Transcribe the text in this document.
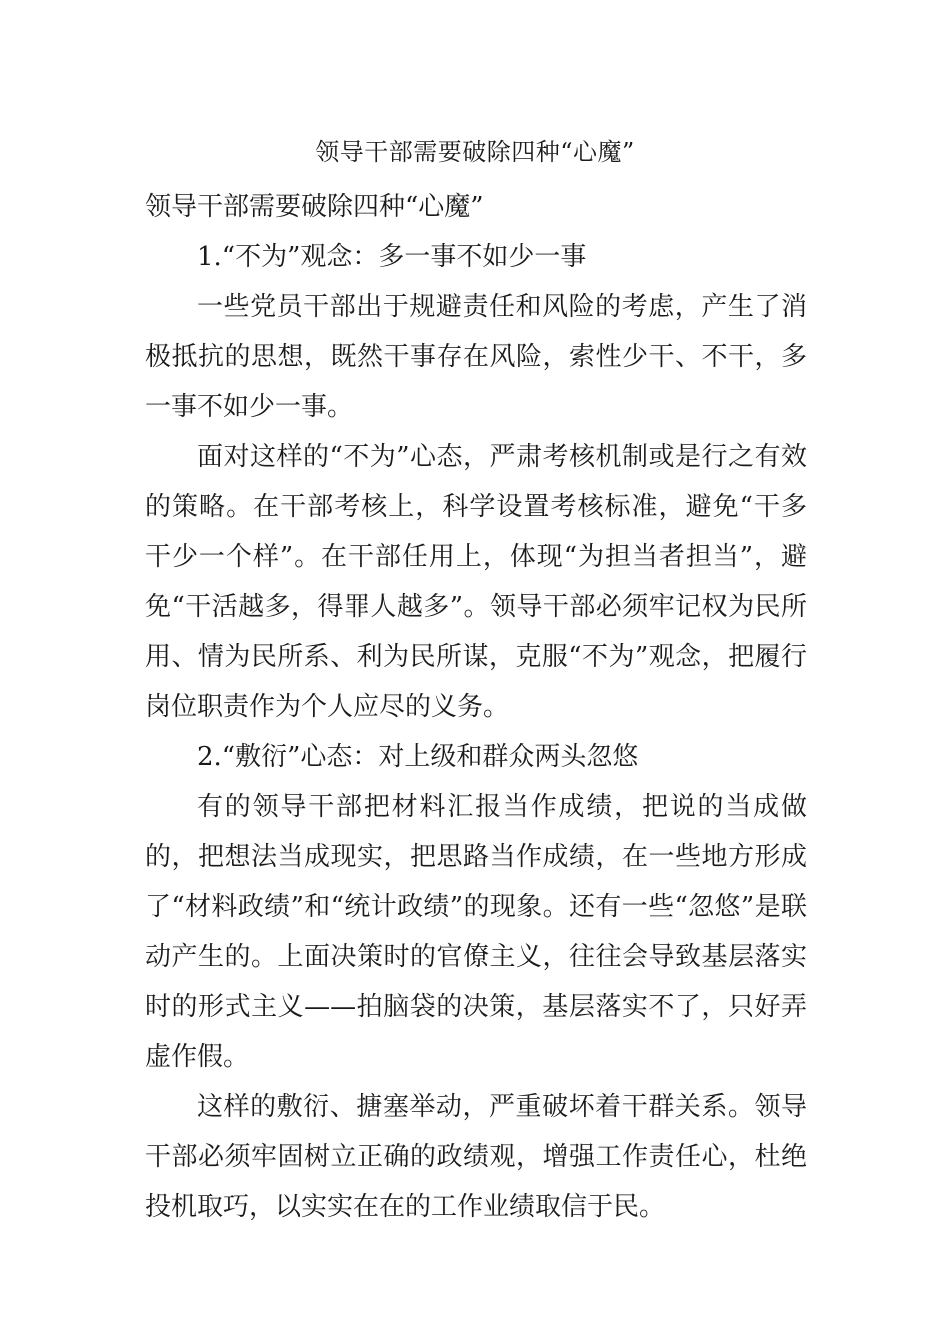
领导干部需要破除四种“心魔”

领导干部需要破除四种“心魔”

1.“不为”观念：多一事不如少一事

一些党员干部出于规避责任和风险的考虑，产生了消极抵抗的思想，既然干事存在风险，索性少干、不干，多一事不如少一事。

面对这样的“不为”心态，严肃考核机制或是行之有效的策略。在干部考核上，科学设置考核标准，避免“干多干少一个样”。在干部任用上，体现“为担当者担当”，避免“干活越多，得罪人越多”。领导干部必须牢记权为民所用、情为民所系、利为民所谋，克服“不为”观念，把履行岗位职责作为个人应尽的义务。

2.“敷衍”心态：对上级和群众两头忽悠

有的领导干部把材料汇报当作成绩，把说的当成做的，把想法当成现实，把思路当作成绩，在一些地方形成了“材料政绩”和“统计政绩”的现象。还有一些“忽悠”是联动产生的。上面决策时的官僚主义，往往会导致基层落实时的形式主义——拍脑袋的决策，基层落实不了，只好弄虚作假。

这样的敷衍、搪塞举动，严重破坏着干群关系。领导干部必须牢固树立正确的政绩观，增强工作责任心，杜绝投机取巧，以实实在在的工作业绩取信于民。
